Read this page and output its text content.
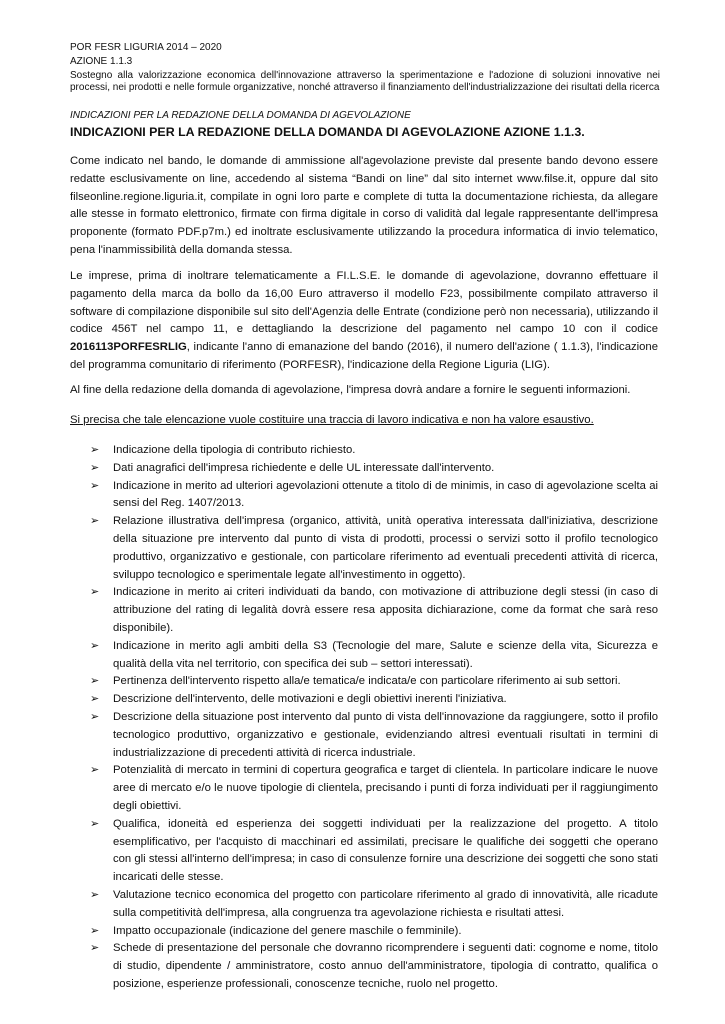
POR FESR LIGURIA 2014 – 2020
AZIONE 1.1.3
Sostegno alla valorizzazione economica dell'innovazione attraverso la sperimentazione e l'adozione di soluzioni innovative nei processi, nei prodotti e nelle formule organizzative, nonché attraverso il finanziamento dell'industrializzazione dei risultati della ricerca
INDICAZIONI PER LA REDAZIONE DELLA DOMANDA DI AGEVOLAZIONE
INDICAZIONI PER LA REDAZIONE DELLA DOMANDA DI AGEVOLAZIONE AZIONE 1.1.3.
Come indicato nel bando, le domande di ammissione all'agevolazione previste dal presente bando devono essere redatte esclusivamente on line, accedendo al sistema “Bandi on line” dal sito internet www.filse.it, oppure dal sito filseonline.regione.liguria.it, compilate in ogni loro parte e complete di tutta la documentazione richiesta, da allegare alle stesse in formato elettronico, firmate con firma digitale in corso di validità dal legale rappresentante dell'impresa proponente (formato PDF.p7m.) ed inoltrate esclusivamente utilizzando la procedura informatica di invio telematico, pena l'inammissibilità della domanda stessa.
Le imprese, prima di inoltrare telematicamente a FI.L.S.E. le domande di agevolazione, dovranno effettuare il pagamento della marca da bollo da 16,00 Euro attraverso il modello F23, possibilmente compilato attraverso il software di compilazione disponibile sul sito dell'Agenzia delle Entrate (condizione però non necessaria), utilizzando il codice 456T nel campo 11, e dettagliando la descrizione del pagamento nel campo 10 con il codice 2016113PORFESRLIG, indicante l'anno di emanazione del bando (2016), il numero dell'azione ( 1.1.3), l'indicazione del programma comunitario di riferimento (PORFESR), l'indicazione della Regione Liguria (LIG).
Al fine della redazione della domanda di agevolazione, l'impresa dovrà andare a fornire le seguenti informazioni.
Si precisa che tale elencazione vuole costituire una traccia di lavoro indicativa e non ha valore esaustivo.
➢ Indicazione della tipologia di contributo richiesto.
➢ Dati anagrafici dell'impresa richiedente e delle UL interessate dall'intervento.
➢ Indicazione in merito ad ulteriori agevolazioni ottenute a titolo di de minimis, in caso di agevolazione scelta ai sensi del Reg. 1407/2013.
➢ Relazione illustrativa dell'impresa (organico, attività, unità operativa interessata dall'iniziativa, descrizione della situazione pre intervento dal punto di vista di prodotti, processi o servizi sotto il profilo tecnologico produttivo, organizzativo e gestionale, con particolare riferimento ad eventuali precedenti attività di ricerca, sviluppo tecnologico e sperimentale legate all'investimento in oggetto).
➢ Indicazione in merito ai criteri individuati da bando, con motivazione di attribuzione degli stessi (in caso di attribuzione del rating di legalità dovrà essere resa apposita dichiarazione, come da format che sarà reso disponibile).
➢ Indicazione in merito agli ambiti della S3 (Tecnologie del mare, Salute e scienze della vita, Sicurezza e qualità della vita nel territorio, con specifica dei sub – settori interessati).
➢ Pertinenza dell'intervento rispetto alla/e tematica/e indicata/e con particolare riferimento ai sub settori.
➢ Descrizione dell'intervento, delle motivazioni e degli obiettivi inerenti l'iniziativa.
➢ Descrizione della situazione post intervento dal punto di vista dell'innovazione da raggiungere, sotto il profilo tecnologico produttivo, organizzativo e gestionale, evidenziando altresì eventuali risultati in termini di industrializzazione di precedenti attività di ricerca industriale.
➢ Potenzialità di mercato in termini di copertura geografica e target di clientela. In particolare indicare le nuove aree di mercato e/o le nuove tipologie di clientela, precisando i punti di forza individuati per il raggiungimento degli obiettivi.
➢ Qualifica, idoneità ed esperienza dei soggetti individuati per la realizzazione del progetto. A titolo esemplificativo, per l'acquisto di macchinari ed assimilati, precisare le qualifiche dei soggetti che operano con gli stessi all'interno dell'impresa; in caso di consulenze fornire una descrizione dei soggetti che sono stati incaricati delle stesse.
➢ Valutazione tecnico economica del progetto con particolare riferimento al grado di innovatività, alle ricadute sulla competitività dell'impresa, alla congruenza tra agevolazione richiesta e risultati attesi.
➢ Impatto occupazionale (indicazione del genere maschile o femminile).
➢ Schede di presentazione del personale che dovranno ricomprendere i seguenti dati: cognome e nome, titolo di studio, dipendente / amministratore, costo annuo dell'amministratore, tipologia di contratto, qualifica o posizione, esperienze professionali, conoscenze tecniche, ruolo nel progetto.
